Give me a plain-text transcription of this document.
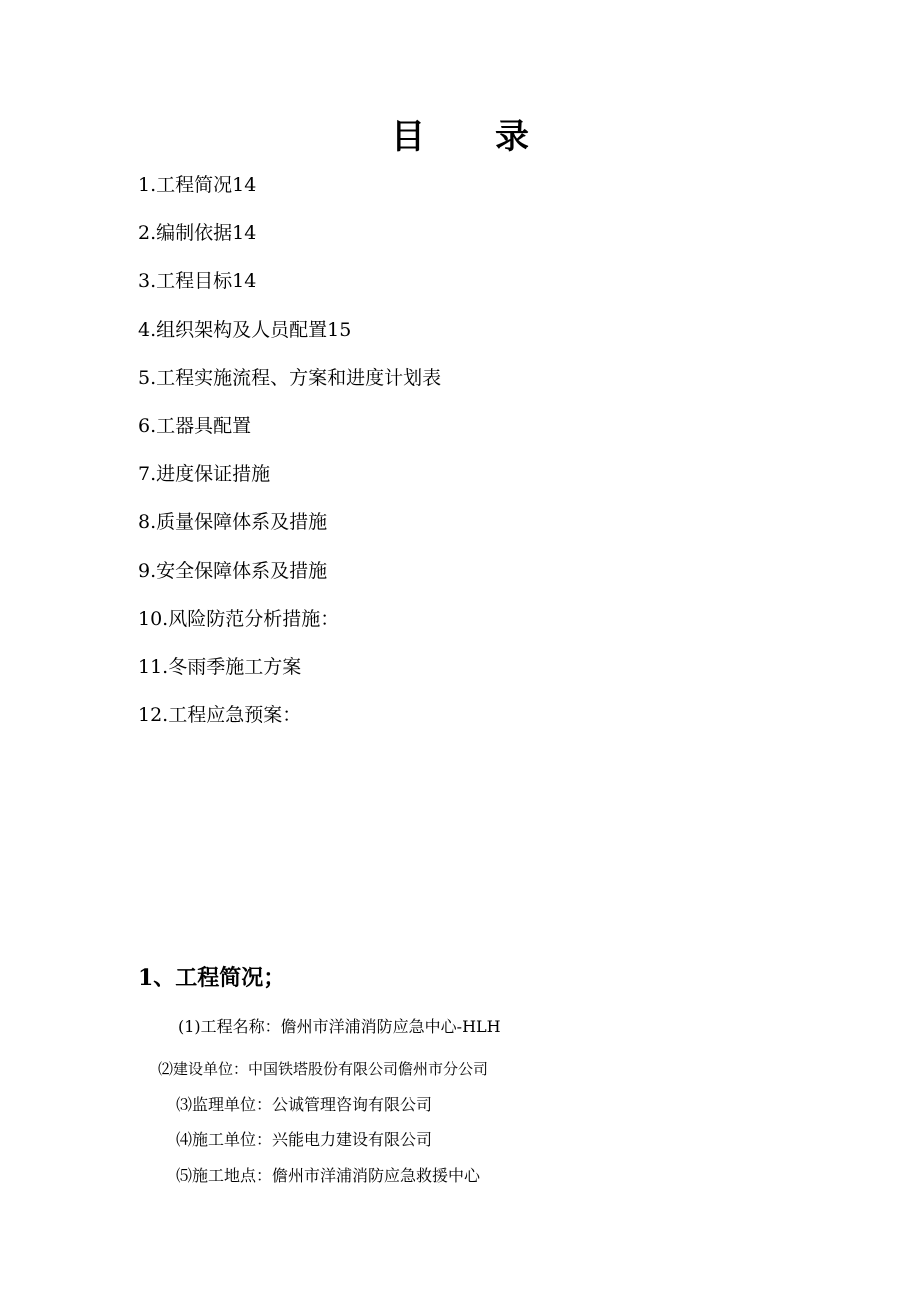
目 录
1.工程简况14
2.编制依据14
3.工程目标14
4.组织架构及人员配置15
5.工程实施流程、方案和进度计划表
6.工器具配置
7.进度保证措施
8.质量保障体系及措施
9.安全保障体系及措施
10.风险防范分析措施：
11.冬雨季施工方案
12.工程应急预案：
1、工程简况；
(1)工程名称：儋州市洋浦消防应急中心-HLH
⑵建设单位：中国铁塔股份有限公司儋州市分公司
⑶监理单位：公诚管理咨询有限公司
⑷施工单位：兴能电力建设有限公司
⑸施工地点：儋州市洋浦消防应急救援中心
